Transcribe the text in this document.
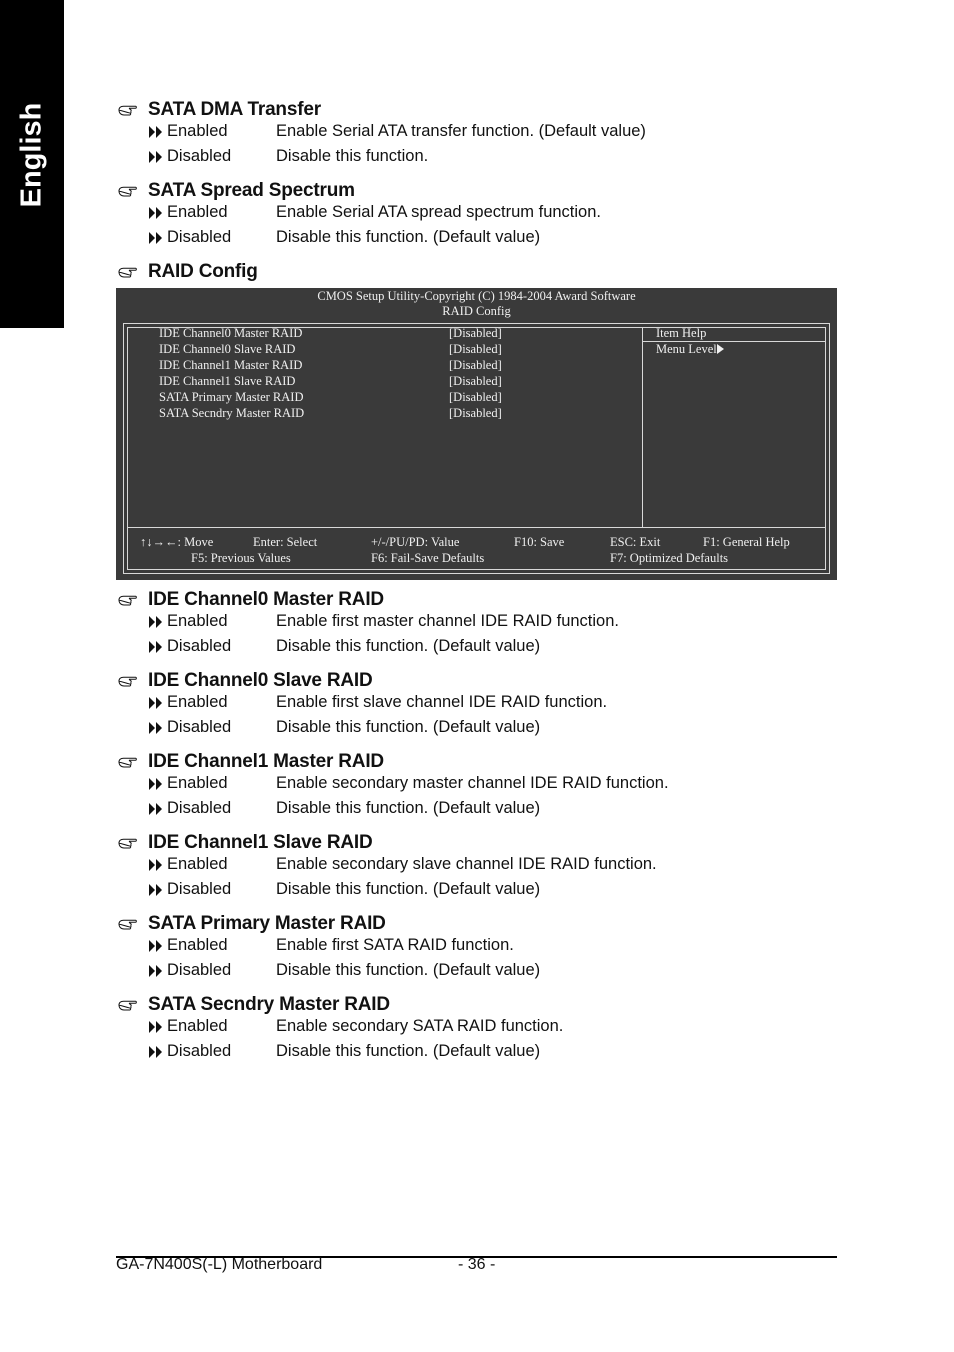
English	SATA DMA Transfer
Enabled	Enable Serial ATA transfer function. (Default value)
Disabled	Disable this function.
SATA Spread Spectrum
Enabled	Enable Serial ATA spread spectrum function.
Disabled	Disable this function. (Default value)
RAID Config
CMOS Setup Utility-Copyright (C) 1984-2004 Award Software
RAID Config
IDE Channel0 Master RAID	[Disabled]
IDE Channel0 Slave RAID	[Disabled]
IDE Channel1 Master RAID	[Disabled]
IDE Channel1 Slave RAID	[Disabled]
SATA Primary Master RAID	[Disabled]
SATA Secndry Master RAID	[Disabled]
Item Help
Menu Level
↑↓→←: Move	Enter: Select	+/-/PU/PD: Value	F10: Save	ESC: Exit	F1: General Help
F5: Previous Values	F6: Fail-Save Defaults	F7: Optimized Defaults
IDE Channel0 Master RAID
Enabled	Enable first master channel IDE RAID function.
Disabled	Disable this function. (Default value)
IDE Channel0 Slave RAID
Enabled	Enable first slave channel IDE RAID function.
Disabled	Disable this function. (Default value)
IDE Channel1 Master RAID
Enabled	Enable secondary master channel IDE RAID function.
Disabled	Disable this function. (Default value)
IDE Channel1 Slave RAID
Enabled	Enable secondary slave channel IDE RAID function.
Disabled	Disable this function. (Default value)
SATA Primary Master RAID
Enabled	Enable first SATA RAID function.
Disabled	Disable this function. (Default value)
SATA Secndry Master RAID
Enabled	Enable secondary SATA RAID function.
Disabled	Disable this function. (Default value)
GA-7N400S(-L) Motherboard	- 36 -
